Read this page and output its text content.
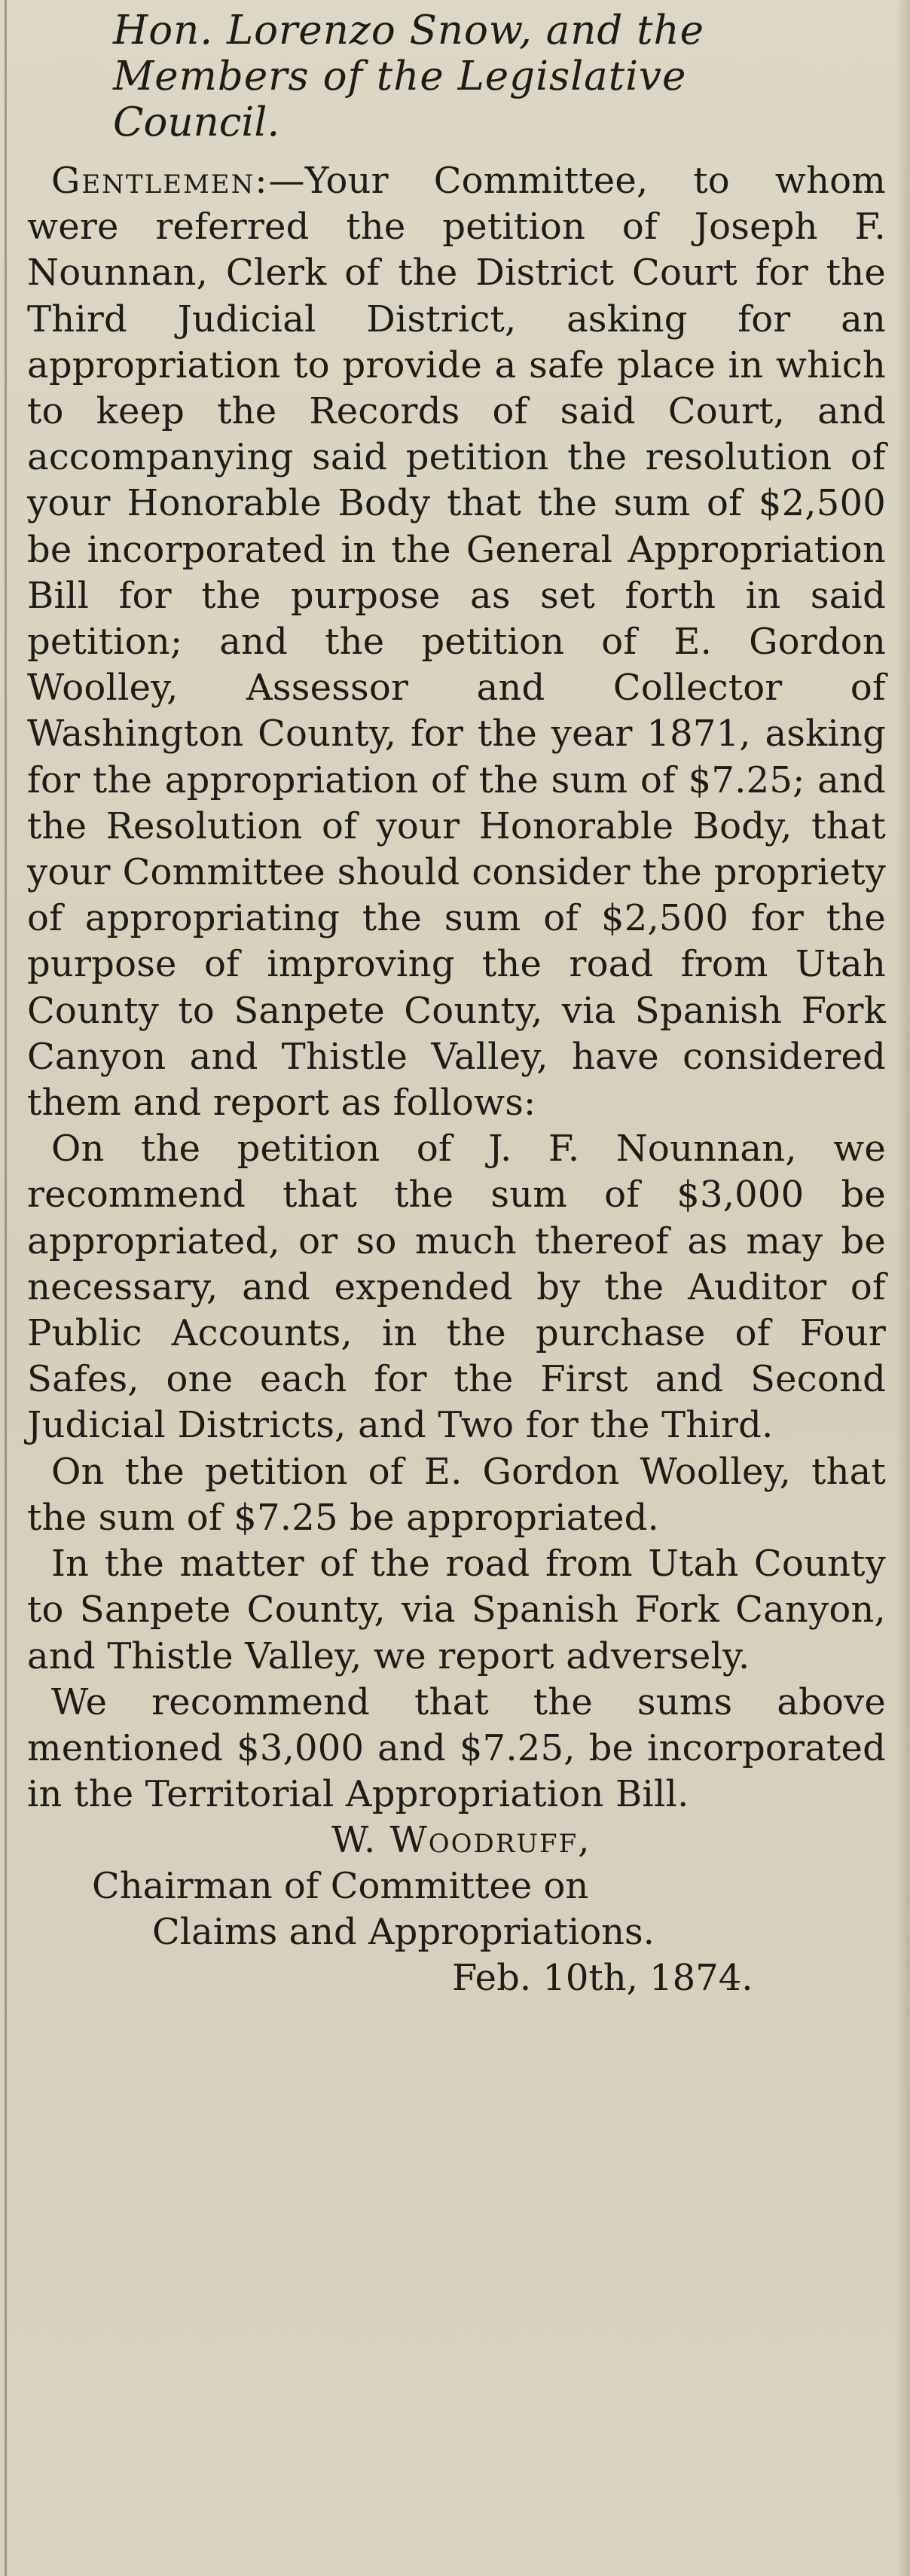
Hon. Lorenzo Snow, and the
Members of the Legislative
Council.

Gentlemen:—Your Committee, to whom were referred the petition of Joseph F. Nounnan, Clerk of the District Court for the Third Judicial District, asking for an appropriation to provide a safe place in which to keep the Records of said Court, and accompanying said petition the resolution of your Honorable Body that the sum of $2,500 be incorporated in the General Appropriation Bill for the purpose as set forth in said petition; and the petition of E. Gordon Woolley, Assessor and Collector of Washington County, for the year 1871, asking for the appropriation of the sum of $7.25; and the Resolution of your Honorable Body, that your Committee should consider the propriety of appropriating the sum of $2,500 for the purpose of improving the road from Utah County to Sanpete County, via Spanish Fork Canyon and Thistle Valley, have considered them and report as follows:

On the petition of J. F. Nounnan, we recommend that the sum of $3,000 be appropriated, or so much thereof as may be necessary, and expended by the Auditor of Public Accounts, in the purchase of Four Safes, one each for the First and Second Judicial Districts, and Two for the Third.

On the petition of E. Gordon Woolley, that the sum of $7.25 be appropriated.

In the matter of the road from Utah County to Sanpete County, via Spanish Fork Canyon, and Thistle Valley, we report adversely.

We recommend that the sums above mentioned $3,000 and $7.25, be incorporated in the Territorial Appropriation Bill.

W. Woodruff,
Chairman of Committee on
Claims and Appropriations.
Feb. 10th, 1874.
